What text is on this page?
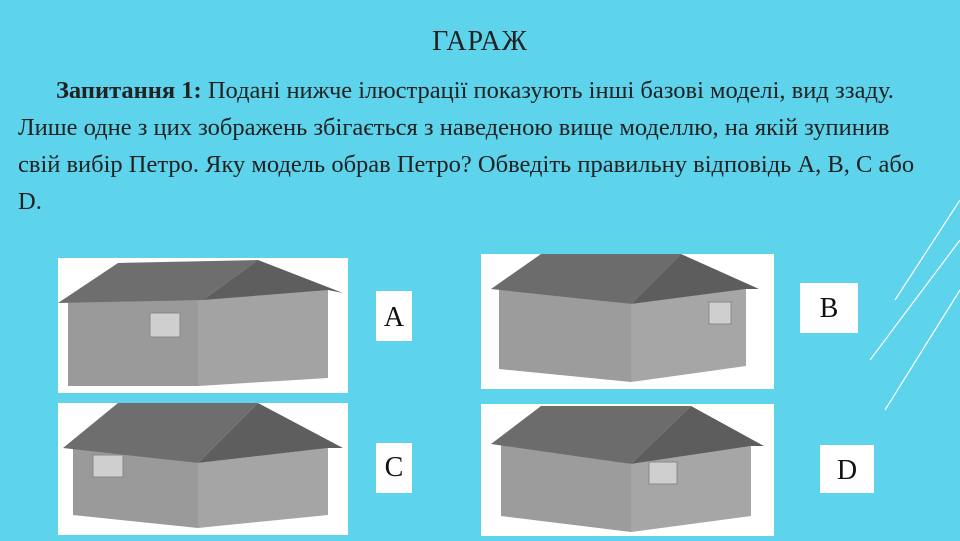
ГАРАЖ
Запитання 1: Подані нижче ілюстрації показують інші базові моделі, вид ззаду. Лише одне з цих зображень збігається з наведеною вище моделлю, на якій зупинив свій вибір Петро. Яку модель обрав Петро? Обведіть правильну відповідь А, В, С або D.
А	В
С	D
